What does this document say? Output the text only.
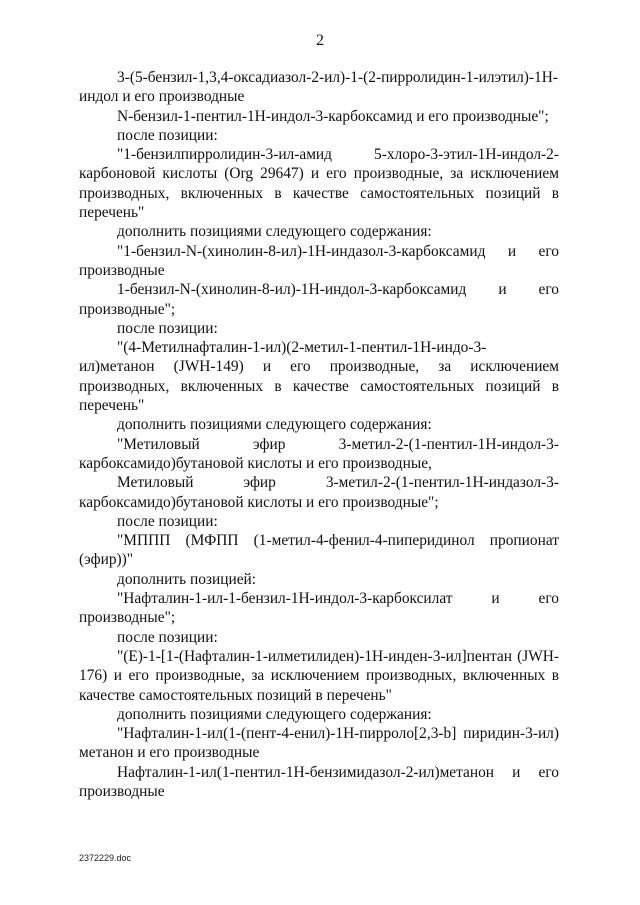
2

3-(5-бензил-1,3,4-оксадиазол-2-ил)-1-(2-пирролидин-1-илэтил)-1Н-индол и его производные

N-бензил-1-пентил-1Н-индол-3-карбоксамид и его производные";

после позиции:

"1-бензилпирролидин-3-ил-амид 5-хлоро-3-этил-1Н-индол-2-карбоновой кислоты (Org 29647) и его производные, за исключением производных, включенных в качестве самостоятельных позиций в перечень"

дополнить позициями следующего содержания:

"1-бензил-N-(хинолин-8-ил)-1Н-индазол-3-карбоксамид и его производные

1-бензил-N-(хинолин-8-ил)-1Н-индол-3-карбоксамид и его производные";

после позиции:

"(4-Метилнафталин-1-ил)(2-метил-1-пентил-1Н-индо-3-ил)метанон (JWH-149) и его производные, за исключением производных, включенных в качестве самостоятельных позиций в перечень"

дополнить позициями следующего содержания:

"Метиловый эфир 3-метил-2-(1-пентил-1Н-индол-3-карбоксамидо)бутановой кислоты и его производные,

Метиловый эфир 3-метил-2-(1-пентил-1Н-индазол-3-карбоксамидо)бутановой кислоты и его производные";

после позиции:

"МППП (МФПП (1-метил-4-фенил-4-пиперидинол пропионат (эфир))"

дополнить позицией:

"Нафталин-1-ил-1-бензил-1Н-индол-3-карбоксилат и его производные";

после позиции:

"(Е)-1-[1-(Нафталин-1-илметилиден)-1Н-инден-3-ил]пентан (JWH-176) и его производные, за исключением производных, включенных в качестве самостоятельных позиций в перечень"

дополнить позициями следующего содержания:

"Нафталин-1-ил(1-(пент-4-енил)-1Н-пирроло[2,3-b] пиридин-3-ил) метанон и его производные

Нафталин-1-ил(1-пентил-1Н-бензимидазол-2-ил)метанон и его производные

2372229.doc
